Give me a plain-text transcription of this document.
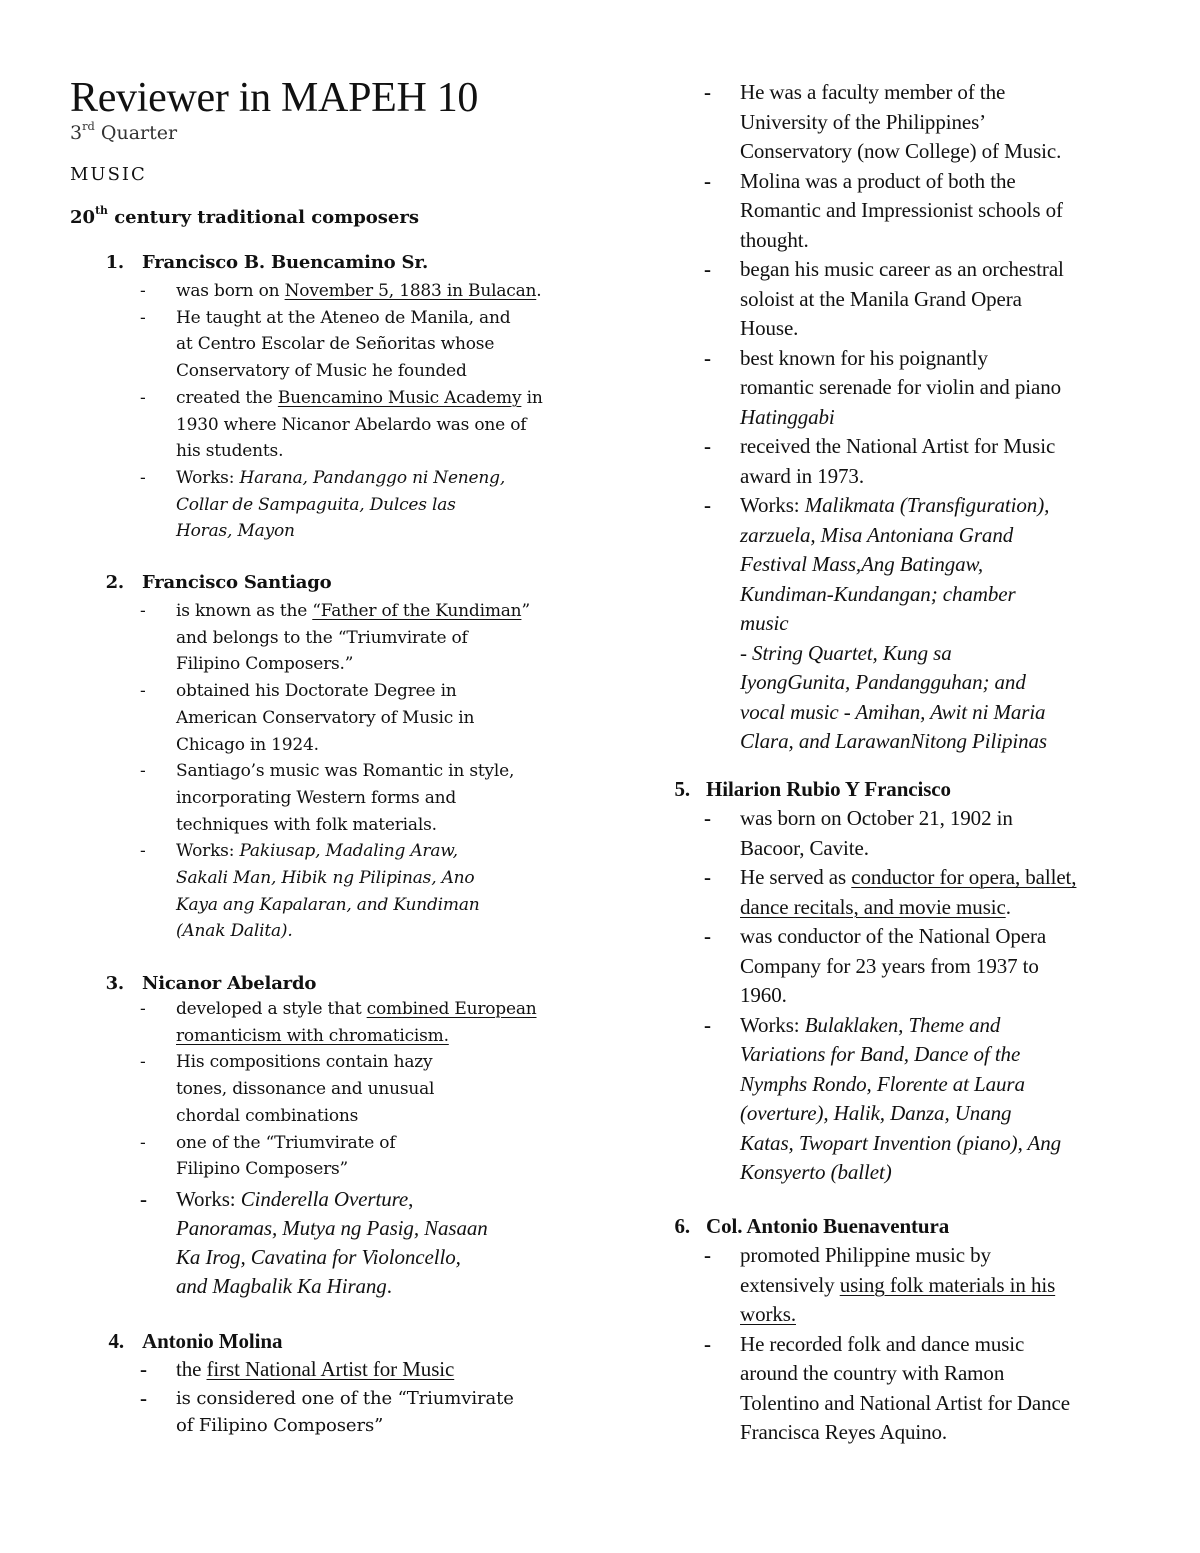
Reviewer in MAPEH 10
3rd Quarter
MUSIC
20th century traditional composers
1. Francisco B. Buencamino Sr.
-	was born on November 5, 1883 in Bulacan.
-	He taught at the Ateneo de Manila, and
at Centro Escolar de Señoritas whose
Conservatory of Music he founded
-	created the Buencamino Music Academy in
1930 where Nicanor Abelardo was one of
his students.
-	Works: Harana, Pandanggo ni Neneng,
Collar de Sampaguita, Dulces las
Horas, Mayon
2. Francisco Santiago
-	is known as the “Father of the Kundiman”
and belongs to the “Triumvirate of
Filipino Composers.”
-	obtained his Doctorate Degree in
American Conservatory of Music in
Chicago in 1924.
-	Santiago’s music was Romantic in style,
incorporating Western forms and
techniques with folk materials.
-	Works: Pakiusap, Madaling Araw,
Sakali Man, Hibik ng Pilipinas, Ano
Kaya ang Kapalaran, and Kundiman
(Anak Dalita).
3. Nicanor Abelardo
-	developed a style that combined European
romanticism with chromaticism.
-	His compositions contain hazy
tones, dissonance and unusual
chordal combinations
-	one of the “Triumvirate of
Filipino Composers”
-	Works: Cinderella Overture,
Panoramas, Mutya ng Pasig, Nasaan
Ka Irog, Cavatina for Violoncello,
and Magbalik Ka Hirang.
4. Antonio Molina
-	the first National Artist for Music
-	is considered one of the “Triumvirate
of Filipino Composers”
-	He was a faculty member of the
University of the Philippines’
Conservatory (now College) of Music.
-	Molina was a product of both the
Romantic and Impressionist schools of
thought.
-	began his music career as an orchestral
soloist at the Manila Grand Opera
House.
-	best known for his poignantly
romantic serenade for violin and piano
Hatinggabi
-	received the National Artist for Music
award in 1973.
-	Works: Malikmata (Transfiguration),
zarzuela, Misa Antoniana Grand
Festival Mass,Ang Batingaw,
Kundiman-Kundangan; chamber
music
- String Quartet, Kung sa
IyongGunita, Pandangguhan; and
vocal music - Amihan, Awit ni Maria
Clara, and LarawanNitong Pilipinas
5. Hilarion Rubio Y Francisco
-	was born on October 21, 1902 in
Bacoor, Cavite.
-	He served as conductor for opera, ballet,
dance recitals, and movie music.
-	was conductor of the National Opera
Company for 23 years from 1937 to
1960.
-	Works: Bulaklaken, Theme and
Variations for Band, Dance of the
Nymphs Rondo, Florente at Laura
(overture), Halik, Danza, Unang
Katas, Twopart Invention (piano), Ang
Konsyerto (ballet)
6. Col. Antonio Buenaventura
-	promoted Philippine music by
extensively using folk materials in his
works.
-	He recorded folk and dance music
around the country with Ramon
Tolentino and National Artist for Dance
Francisca Reyes Aquino.
